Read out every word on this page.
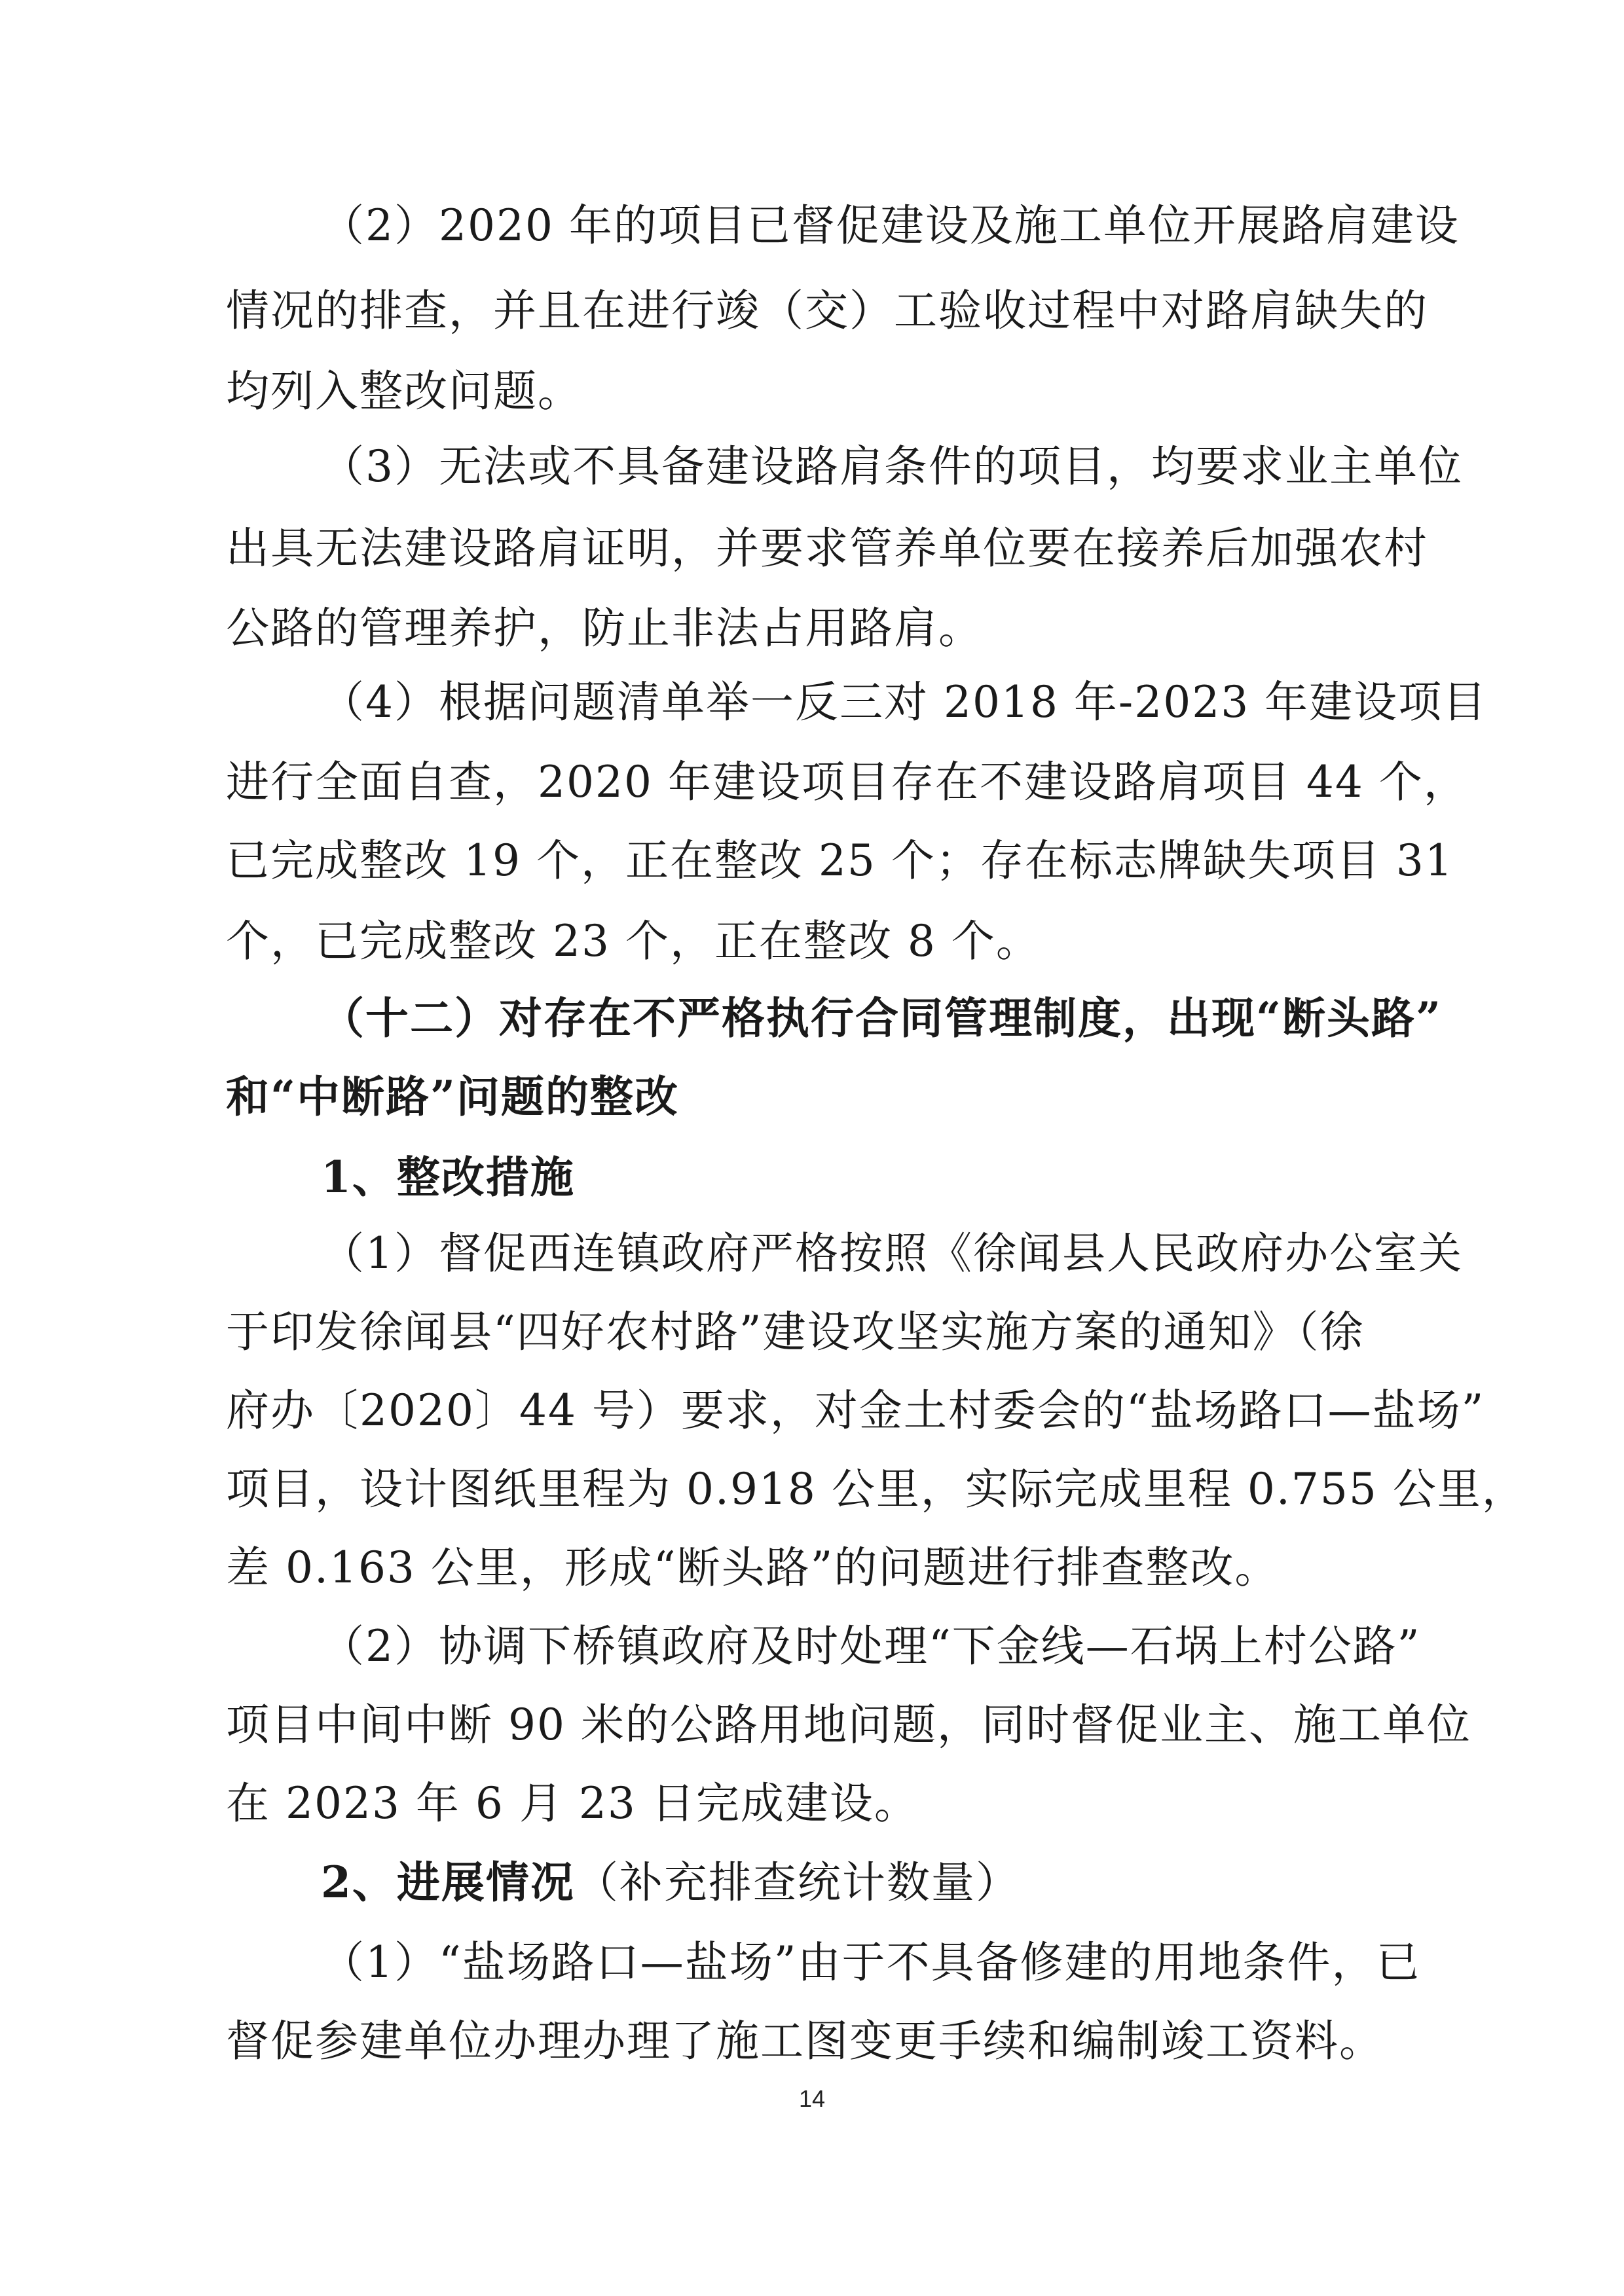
（2）2020 年的项目已督促建设及施工单位开展路肩建设
情况的排查，并且在进行竣（交）工验收过程中对路肩缺失的
均列入整改问题。
（3）无法或不具备建设路肩条件的项目，均要求业主单位
出具无法建设路肩证明，并要求管养单位要在接养后加强农村
公路的管理养护，防止非法占用路肩。
（4）根据问题清单举一反三对 2018 年-2023 年建设项目
进行全面自查，2020 年建设项目存在不建设路肩项目 44 个，
已完成整改 19 个，正在整改 25 个；存在标志牌缺失项目 31
个，已完成整改 23 个，正在整改 8 个。
（十二）对存在不严格执行合同管理制度，出现“断头路”
和“中断路”问题的整改
1、整改措施
（1）督促西连镇政府严格按照《徐闻县人民政府办公室关
于印发徐闻县“四好农村路”建设攻坚实施方案的通知》（徐
府办〔2020〕44 号）要求，对金土村委会的“盐场路口—盐场”
项目，设计图纸里程为 0.918 公里，实际完成里程 0.755 公里，
差 0.163 公里，形成“断头路”的问题进行排查整改。
（2）协调下桥镇政府及时处理“下金线—石埚上村公路”
项目中间中断 90 米的公路用地问题，同时督促业主、施工单位
在 2023 年 6 月 23 日完成建设。
2、进展情况（补充排查统计数量）
（1）“盐场路口—盐场”由于不具备修建的用地条件，已
督促参建单位办理办理了施工图变更手续和编制竣工资料。
14
